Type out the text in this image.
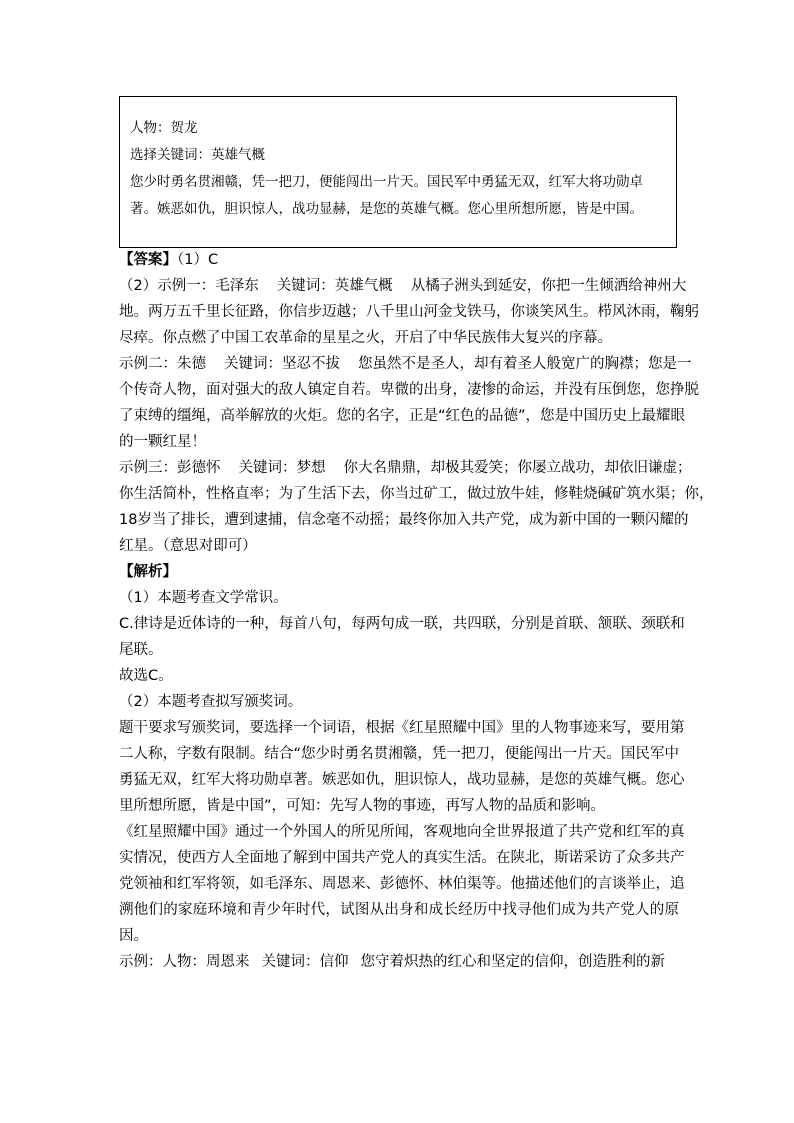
人物：贺龙
选择关键词：英雄气概
您少时勇名贯湘赣，凭一把刀，便能闯出一片天。国民军中勇猛无双，红军大将功勋卓
著。嫉恶如仇，胆识惊人，战功显赫，是您的英雄气概。您心里所想所愿，皆是中国。
【答案】（1）C
（2）示例一：毛泽东 关键词：英雄气概 从橘子洲头到延安，你把一生倾洒给神州大
地。两万五千里长征路，你信步迈越；八千里山河金戈铁马，你谈笑风生。栉风沐雨，鞠躬
尽瘁。你点燃了中国工农革命的星星之火，开启了中华民族伟大复兴的序幕。
示例二：朱德 关键词：坚忍不拔 您虽然不是圣人，却有着圣人般宽广的胸襟；您是一
个传奇人物，面对强大的敌人镇定自若。卑微的出身，凄惨的命运，并没有压倒您，您挣脱
了束缚的缰绳，高举解放的火炬。您的名字，正是“红色的品德”，您是中国历史上最耀眼
的一颗红星！
示例三：彭德怀 关键词：梦想 你大名鼎鼎，却极其爱笑；你屡立战功，却依旧谦虚；
你生活简朴，性格直率；为了生活下去，你当过矿工，做过放牛娃，修鞋烧碱矿筑水渠；你，
18岁当了排长，遭到逮捕，信念毫不动摇；最终你加入共产党，成为新中国的一颗闪耀的
红星。（意思对即可）
【解析】
（1）本题考查文学常识。
C.律诗是近体诗的一种，每首八句，每两句成一联，共四联，分别是首联、颔联、颈联和
尾联。
故选C。
（2）本题考查拟写颁奖词。
题干要求写颁奖词，要选择一个词语，根据《红星照耀中国》里的人物事迹来写，要用第
二人称，字数有限制。结合“您少时勇名贯湘赣，凭一把刀，便能闯出一片天。国民军中
勇猛无双，红军大将功勋卓著。嫉恶如仇，胆识惊人，战功显赫，是您的英雄气概。您心
里所想所愿，皆是中国”，可知：先写人物的事迹，再写人物的品质和影响。
《红星照耀中国》通过一个外国人的所见所闻，客观地向全世界报道了共产党和红军的真
实情况，使西方人全面地了解到中国共产党人的真实生活。在陕北，斯诺采访了众多共产
党领袖和红军将领，如毛泽东、周恩来、彭德怀、林伯渠等。他描述他们的言谈举止，追
溯他们的家庭环境和青少年时代，试图从出身和成长经历中找寻他们成为共产党人的原
因。
示例：人物：周恩来 关键词：信仰 您守着炽热的红心和坚定的信仰，创造胜利的新
